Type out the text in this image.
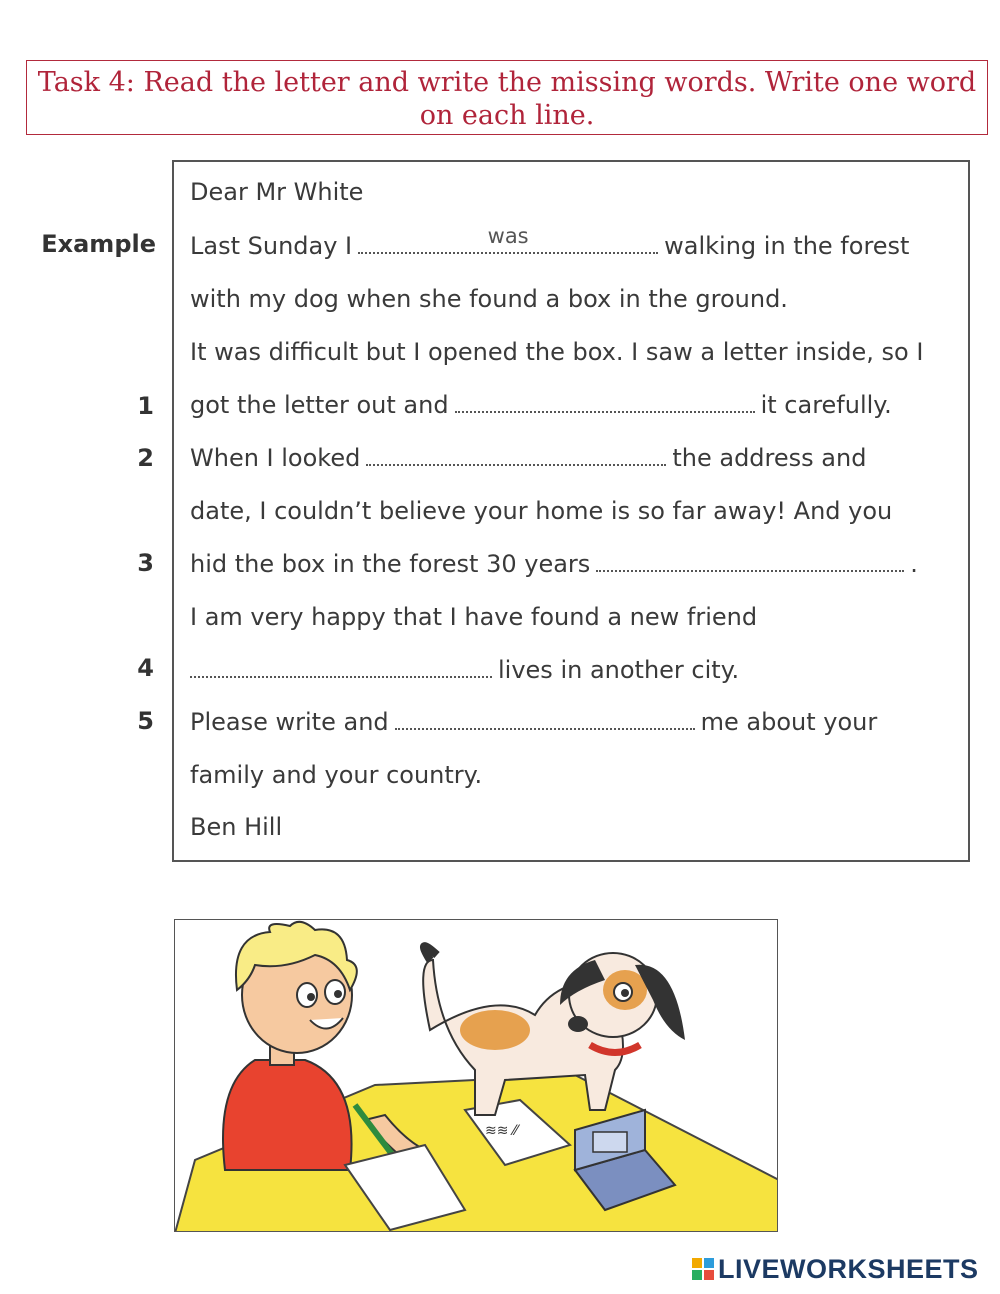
Task 4: Read the letter and write the missing words. Write one word on each line.
Example
1
2
3
4
5
Dear Mr White
Last Sunday I	was	walking in the forest
with my dog when she found a box in the ground.
It was difficult but I opened the box. I saw a letter inside, so I
got the letter out and	it carefully.
When I looked	the address and
date, I couldn’t believe your home is so far away! And you
hid the box in the forest 30 years	.
I am very happy that I have found a new friend
lives in another city.
Please write and	me about your
family and your country.
Ben Hill
≋≋ ⁄⁄
LIVEWORKSHEETS
